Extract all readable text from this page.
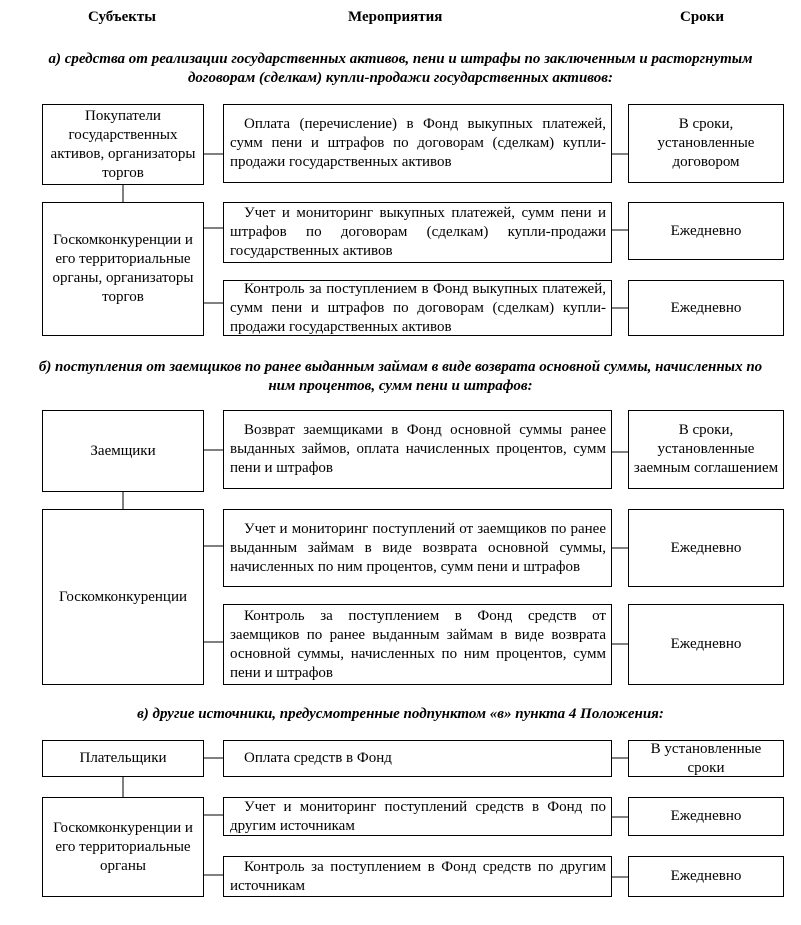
Субъекты	Мероприятия	Сроки
а) средства от реализации государственных активов, пени и штрафы по заключенным и расторгнутым договорам (сделкам) купли-продажи государственных активов:
Покупатели государственных активов, организаторы торгов
Госкомконкуренции и его территориальные органы, организаторы торгов
Оплата (перечисление) в Фонд выкупных платежей, сумм пени и штрафов по договорам (сделкам) купли-продажи государственных активов
Учет и мониторинг выкупных платежей, сумм пени и штрафов по договорам (сделкам) купли-продажи государственных активов
Контроль за поступлением в Фонд выкупных платежей, сумм пени и штрафов по договорам (сделкам) купли-продажи государственных активов
В сроки, установленные договором
Ежедневно
Ежедневно
б) поступления от заемщиков по ранее выданным займам в виде возврата основной суммы, начисленных по ним процентов, сумм пени и штрафов:
Заемщики
Госкомконкуренции
Возврат заемщиками в Фонд основной суммы ранее выданных займов, оплата начисленных процентов, сумм пени и штрафов
Учет и мониторинг поступлений от заемщиков по ранее выданным займам в виде возврата основной суммы, начисленных по ним процентов, сумм пени и штрафов
Контроль за поступлением в Фонд средств от заемщиков по ранее выданным займам в виде возврата основной суммы, начисленных по ним процентов, сумм пени и штрафов
В сроки, установленные заемным соглашением
Ежедневно
Ежедневно
в) другие источники, предусмотренные подпунктом «в» пункта 4 Положения:
Плательщики
Госкомконкуренции и его территориальные органы
Оплата средств в Фонд
Учет и мониторинг поступлений средств в Фонд по другим источникам
Контроль за поступлением в Фонд средств по другим источникам
В установленные сроки
Ежедневно
Ежедневно
